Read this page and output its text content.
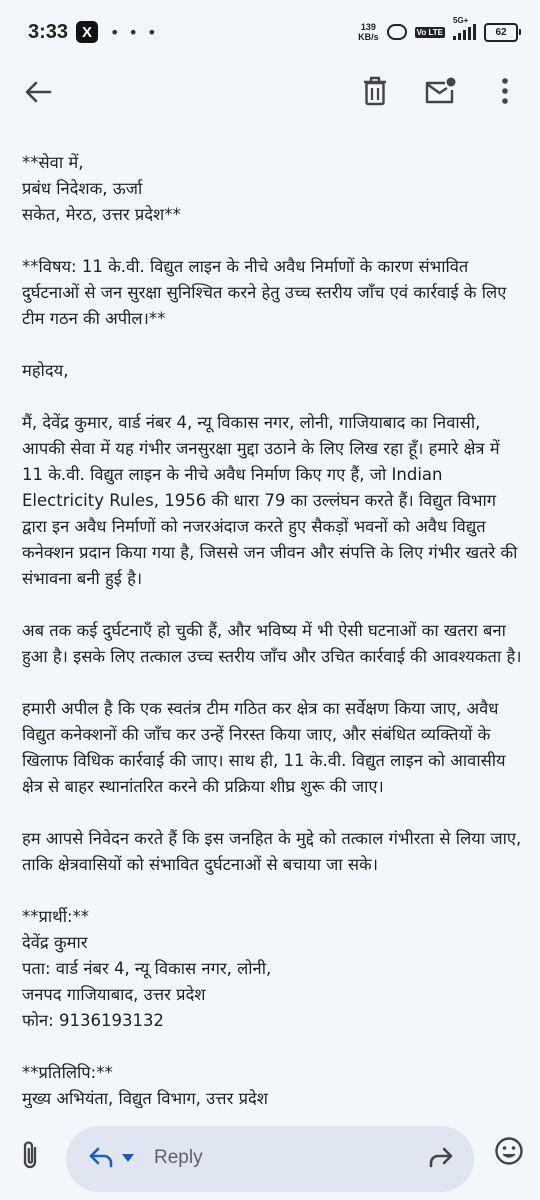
3:33 X	• • •	139
KB/s	Vo LTE
5G+
62

**सेवा में,
प्रबंध निदेशक, ऊर्जा
सकेत, मेरठ, उत्तर प्रदेश**

**विषय: 11 के.वी. विद्युत लाइन के नीचे अवैध निर्माणों के कारण संभावित दुर्घटनाओं से जन सुरक्षा सुनिश्चित करने हेतु उच्च स्तरीय जाँच एवं कार्रवाई के लिए टीम गठन की अपील।**

महोदय,

मैं, देवेंद्र कुमार, वार्ड नंबर 4, न्यू विकास नगर, लोनी, गाजियाबाद का निवासी, आपकी सेवा में यह गंभीर जनसुरक्षा मुद्दा उठाने के लिए लिख रहा हूँ। हमारे क्षेत्र में 11 के.वी. विद्युत लाइन के नीचे अवैध निर्माण किए गए हैं, जो Indian Electricity Rules, 1956 की धारा 79 का उल्लंघन करते हैं। विद्युत विभाग द्वारा इन अवैध निर्माणों को नजरअंदाज करते हुए सैकड़ों भवनों को अवैध विद्युत कनेक्शन प्रदान किया गया है, जिससे जन जीवन और संपत्ति के लिए गंभीर खतरे की संभावना बनी हुई है।

अब तक कई दुर्घटनाएँ हो चुकी हैं, और भविष्य में भी ऐसी घटनाओं का खतरा बना हुआ है। इसके लिए तत्काल उच्च स्तरीय जाँच और उचित कार्रवाई की आवश्यकता है।

हमारी अपील है कि एक स्वतंत्र टीम गठित कर क्षेत्र का सर्वेक्षण किया जाए, अवैध विद्युत कनेक्शनों की जाँच कर उन्हें निरस्त किया जाए, और संबंधित व्यक्तियों के खिलाफ विधिक कार्रवाई की जाए। साथ ही, 11 के.वी. विद्युत लाइन को आवासीय क्षेत्र से बाहर स्थानांतरित करने की प्रक्रिया शीघ्र शुरू की जाए।

हम आपसे निवेदन करते हैं कि इस जनहित के मुद्दे को तत्काल गंभीरता से लिया जाए, ताकि क्षेत्रवासियों को संभावित दुर्घटनाओं से बचाया जा सके।

**प्रार्थी:**
देवेंद्र कुमार
पता: वार्ड नंबर 4, न्यू विकास नगर, लोनी,
जनपद गाजियाबाद, उत्तर प्रदेश
फोन: 9136193132

**प्रतिलिपि:**
मुख्य अभियंता, विद्युत विभाग, उत्तर प्रदेश

Reply
